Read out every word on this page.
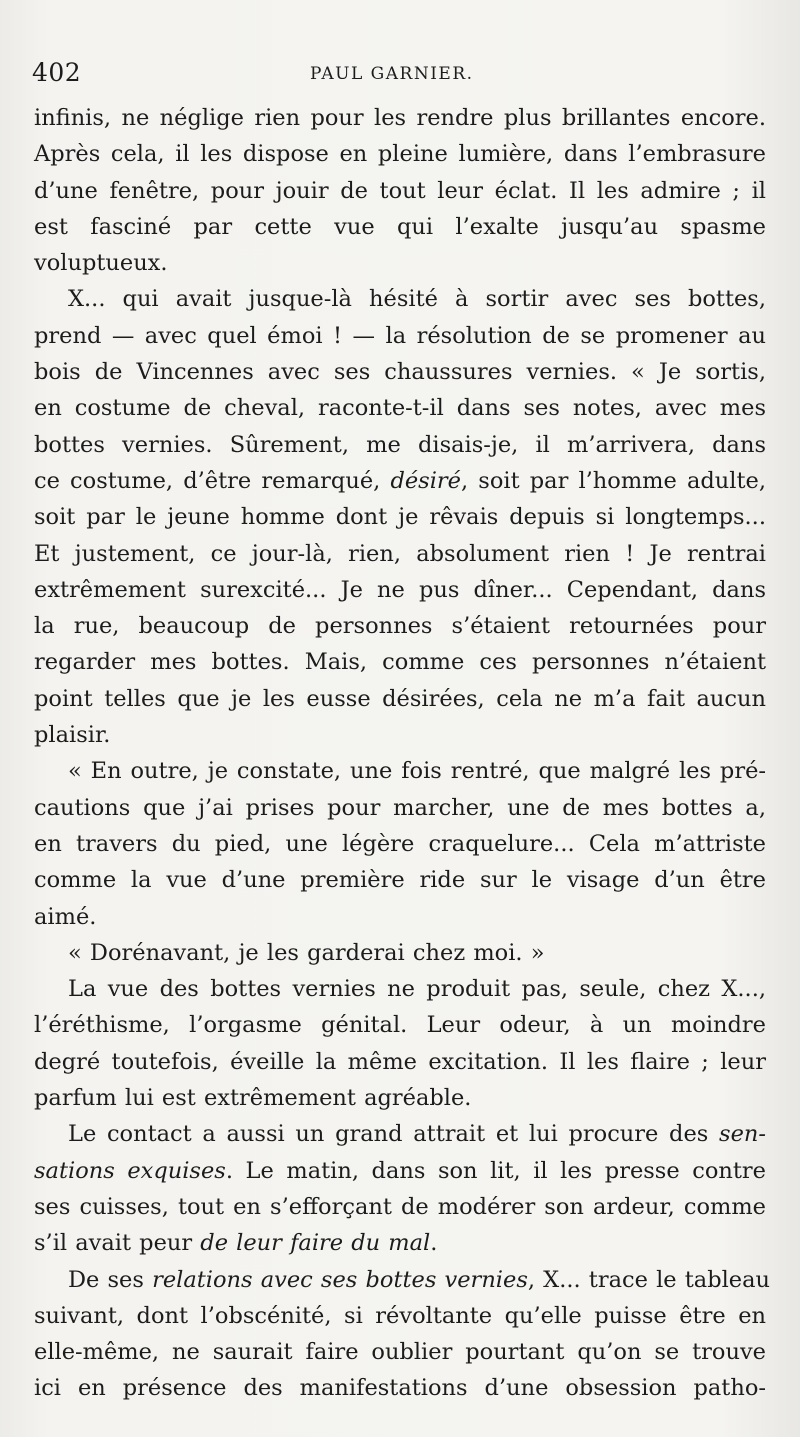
402	PAUL GARNIER.
infinis, ne néglige rien pour les rendre plus brillantes encore.
Après cela, il les dispose en pleine lumière, dans l’embrasure
d’une fenêtre, pour jouir de tout leur éclat. Il les admire ; il
est fasciné par cette vue qui l’exalte jusqu’au spasme
voluptueux.
X... qui avait jusque-là hésité à sortir avec ses bottes,
prend — avec quel émoi ! — la résolution de se promener au
bois de Vincennes avec ses chaussures vernies. « Je sortis,
en costume de cheval, raconte-t-il dans ses notes, avec mes
bottes vernies. Sûrement, me disais-je, il m’arrivera, dans
ce costume, d’être remarqué, désiré, soit par l’homme adulte,
soit par le jeune homme dont je rêvais depuis si longtemps...
Et justement, ce jour-là, rien, absolument rien ! Je rentrai
extrêmement surexcité... Je ne pus dîner... Cependant, dans
la rue, beaucoup de personnes s’étaient retournées pour
regarder mes bottes. Mais, comme ces personnes n’étaient
point telles que je les eusse désirées, cela ne m’a fait aucun
plaisir.
« En outre, je constate, une fois rentré, que malgré les pré-
cautions que j’ai prises pour marcher, une de mes bottes a,
en travers du pied, une légère craquelure... Cela m’attriste
comme la vue d’une première ride sur le visage d’un être
aimé.
« Dorénavant, je les garderai chez moi. »
La vue des bottes vernies ne produit pas, seule, chez X...,
l’éréthisme, l’orgasme génital. Leur odeur, à un moindre
degré toutefois, éveille la même excitation. Il les flaire ; leur
parfum lui est extrêmement agréable.
Le contact a aussi un grand attrait et lui procure des sen-
sations exquises. Le matin, dans son lit, il les presse contre
ses cuisses, tout en s’efforçant de modérer son ardeur, comme
s’il avait peur de leur faire du mal.
De ses relations avec ses bottes vernies, X... trace le tableau
suivant, dont l’obscénité, si révoltante qu’elle puisse être en
elle-même, ne saurait faire oublier pourtant qu’on se trouve
ici en présence des manifestations d’une obsession patho-
